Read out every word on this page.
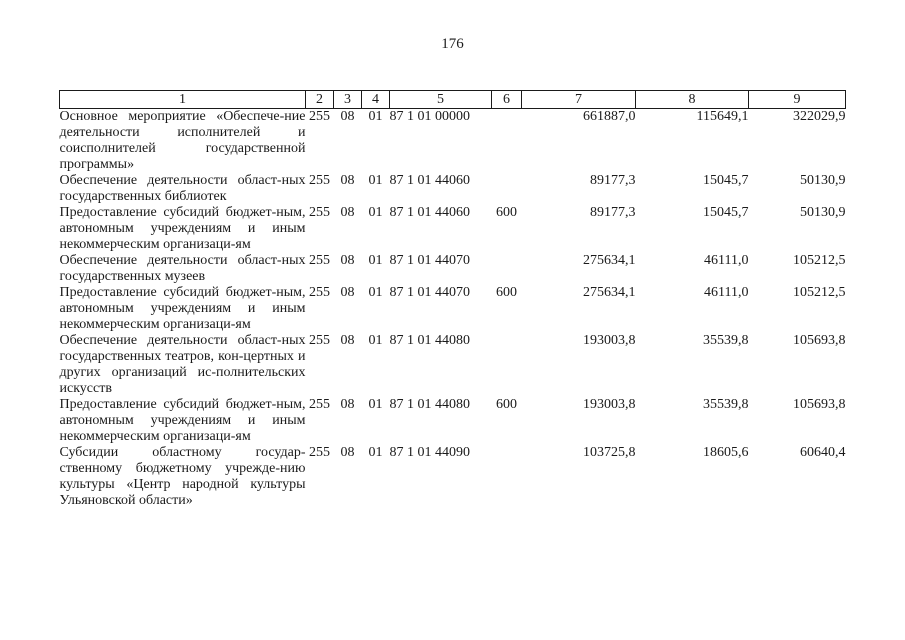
176
1	2	3	4	5	6	7	8	9
Основное мероприятие «Обеспече-ние деятельности исполнителей и соисполнителей государственной программы»	255	08	01	87 1 01 00000		661887,0	115649,1	322029,9
Обеспечение деятельности област-ных государственных библиотек	255	08	01	87 1 01 44060		89177,3	15045,7	50130,9
Предоставление субсидий бюджет-ным, автономным учреждениям и иным некоммерческим организаци-ям	255	08	01	87 1 01 44060	600	89177,3	15045,7	50130,9
Обеспечение деятельности област-ных государственных музеев	255	08	01	87 1 01 44070		275634,1	46111,0	105212,5
Предоставление субсидий бюджет-ным, автономным учреждениям и иным некоммерческим организаци-ям	255	08	01	87 1 01 44070	600	275634,1	46111,0	105212,5
Обеспечение деятельности област-ных государственных театров, кон-цертных и других организаций ис-полнительских искусств	255	08	01	87 1 01 44080		193003,8	35539,8	105693,8
Предоставление субсидий бюджет-ным, автономным учреждениям и иным некоммерческим организаци-ям	255	08	01	87 1 01 44080	600	193003,8	35539,8	105693,8
Субсидии областному государ-ственному бюджетному учрежде-нию культуры «Центр народной культуры Ульяновской области»	255	08	01	87 1 01 44090		103725,8	18605,6	60640,4
